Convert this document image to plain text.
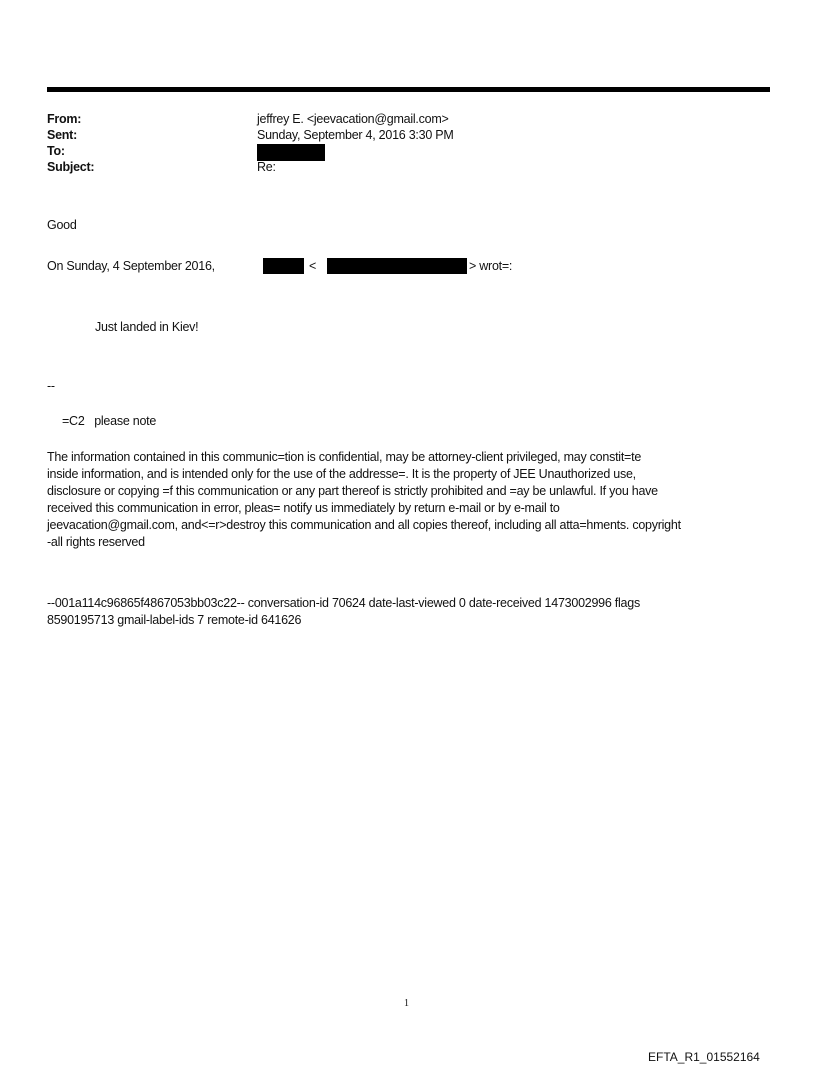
From:	jeffrey E. <jeevacation@gmail.com>
Sent:	Sunday, September 4, 2016 3:30 PM
To:
Subject:	Re:
Good
On Sunday, 4 September 2016,	<	> wrot=:
Just landed in Kiev!
--
=C2   please note
The information contained in this communic=tion is confidential, may be attorney-client privileged, may constit=te
inside information, and is intended only for the use of the addresse=. It is the property of JEE Unauthorized use,
disclosure or copying =f this communication or any part thereof is strictly prohibited and =ay be unlawful. If you have
received this communication in error, pleas= notify us immediately by return e-mail or by e-mail to
jeevacation@gmail.com, and<=r>destroy this communication and all copies thereof, including all atta=hments. copyright
-all rights reserved
--001a114c96865f4867053bb03c22-- conversation-id 70624 date-last-viewed 0 date-received 1473002996 flags
8590195713 gmail-label-ids 7 remote-id 641626
1
EFTA_R1_01552164
